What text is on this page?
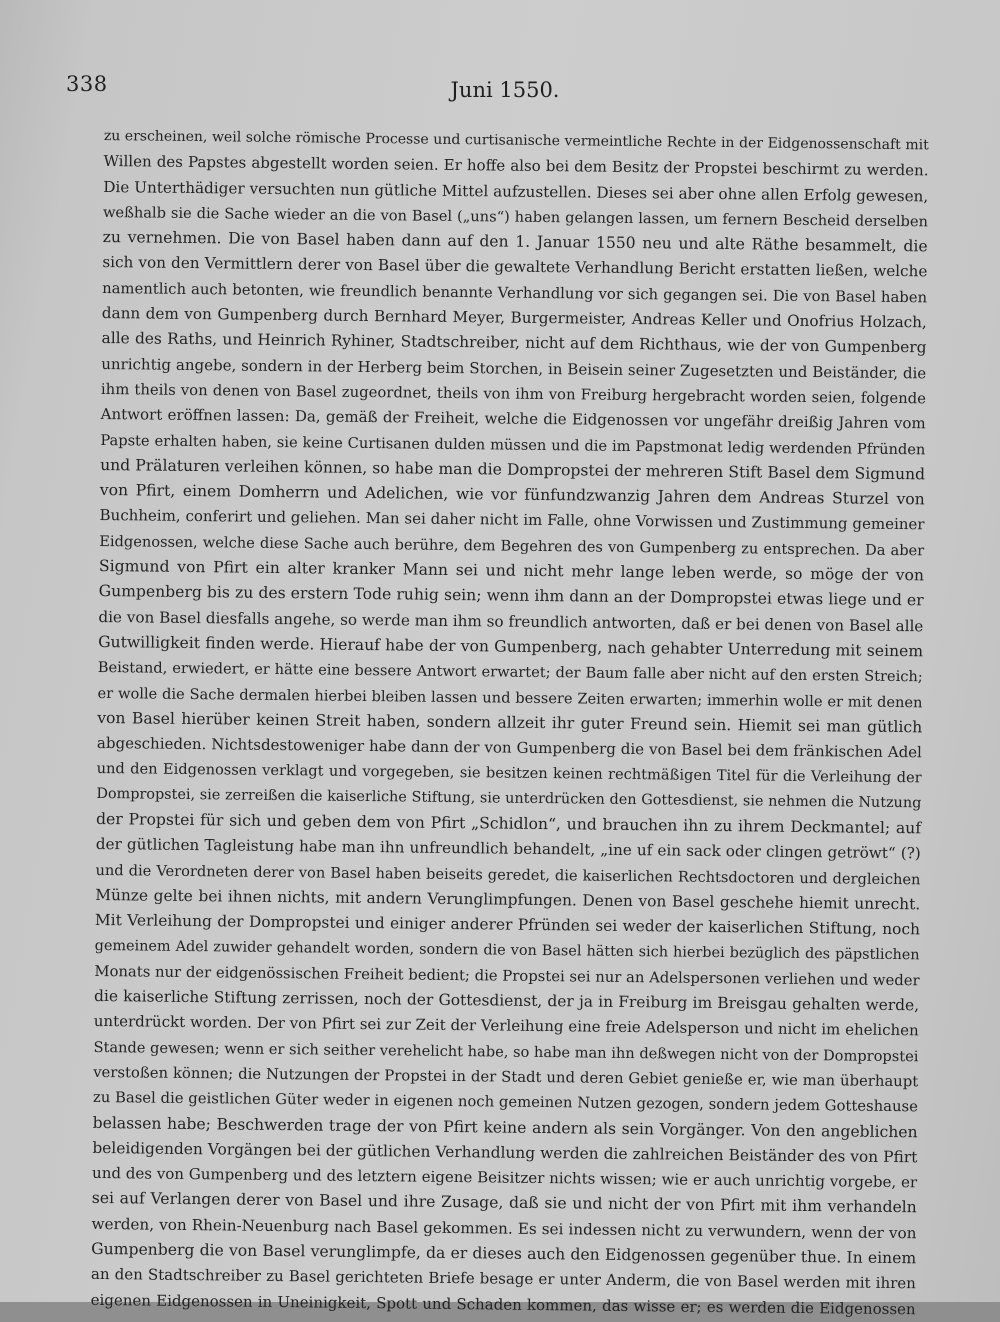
338	Juni 1550.
zu erscheinen, weil solche römische Processe und curtisanische vermeintliche Rechte in der Eidgenossenschaft mit
Willen des Papstes abgestellt worden seien. Er hoffe also bei dem Besitz der Propstei beschirmt zu werden.
Die Unterthädiger versuchten nun gütliche Mittel aufzustellen. Dieses sei aber ohne allen Erfolg gewesen,
weßhalb sie die Sache wieder an die von Basel („uns“) haben gelangen lassen, um fernern Bescheid derselben
zu vernehmen. Die von Basel haben dann auf den 1. Januar 1550 neu und alte Räthe besammelt, die
sich von den Vermittlern derer von Basel über die gewaltete Verhandlung Bericht erstatten ließen, welche
namentlich auch betonten, wie freundlich benannte Verhandlung vor sich gegangen sei. Die von Basel haben
dann dem von Gumpenberg durch Bernhard Meyer, Burgermeister, Andreas Keller und Onofrius Holzach,
alle des Raths, und Heinrich Ryhiner, Stadtschreiber, nicht auf dem Richthaus, wie der von Gumpenberg
unrichtig angebe, sondern in der Herberg beim Storchen, in Beisein seiner Zugesetzten und Beiständer, die
ihm theils von denen von Basel zugeordnet, theils von ihm von Freiburg hergebracht worden seien, folgende
Antwort eröffnen lassen: Da, gemäß der Freiheit, welche die Eidgenossen vor ungefähr dreißig Jahren vom
Papste erhalten haben, sie keine Curtisanen dulden müssen und die im Papstmonat ledig werdenden Pfründen
und Prälaturen verleihen können, so habe man die Dompropstei der mehreren Stift Basel dem Sigmund
von Pfirt, einem Domherrn und Adelichen, wie vor fünfundzwanzig Jahren dem Andreas Sturzel von
Buchheim, conferirt und geliehen. Man sei daher nicht im Falle, ohne Vorwissen und Zustimmung gemeiner
Eidgenossen, welche diese Sache auch berühre, dem Begehren des von Gumpenberg zu entsprechen. Da aber
Sigmund von Pfirt ein alter kranker Mann sei und nicht mehr lange leben werde, so möge der von
Gumpenberg bis zu des erstern Tode ruhig sein; wenn ihm dann an der Dompropstei etwas liege und er
die von Basel diesfalls angehe, so werde man ihm so freundlich antworten, daß er bei denen von Basel alle
Gutwilligkeit finden werde. Hierauf habe der von Gumpenberg, nach gehabter Unterredung mit seinem
Beistand, erwiedert, er hätte eine bessere Antwort erwartet; der Baum falle aber nicht auf den ersten Streich;
er wolle die Sache dermalen hierbei bleiben lassen und bessere Zeiten erwarten; immerhin wolle er mit denen
von Basel hierüber keinen Streit haben, sondern allzeit ihr guter Freund sein. Hiemit sei man gütlich
abgeschieden. Nichtsdestoweniger habe dann der von Gumpenberg die von Basel bei dem fränkischen Adel
und den Eidgenossen verklagt und vorgegeben, sie besitzen keinen rechtmäßigen Titel für die Verleihung der
Dompropstei, sie zerreißen die kaiserliche Stiftung, sie unterdrücken den Gottesdienst, sie nehmen die Nutzung
der Propstei für sich und geben dem von Pfirt „Schidlon“, und brauchen ihn zu ihrem Deckmantel; auf
der gütlichen Tagleistung habe man ihn unfreundlich behandelt, „ine uf ein sack oder clingen getröwt“ (?)
und die Verordneten derer von Basel haben beiseits geredet, die kaiserlichen Rechtsdoctoren und dergleichen
Münze gelte bei ihnen nichts, mit andern Verunglimpfungen. Denen von Basel geschehe hiemit unrecht.
Mit Verleihung der Dompropstei und einiger anderer Pfründen sei weder der kaiserlichen Stiftung, noch
gemeinem Adel zuwider gehandelt worden, sondern die von Basel hätten sich hierbei bezüglich des päpstlichen
Monats nur der eidgenössischen Freiheit bedient; die Propstei sei nur an Adelspersonen verliehen und weder
die kaiserliche Stiftung zerrissen, noch der Gottesdienst, der ja in Freiburg im Breisgau gehalten werde,
unterdrückt worden. Der von Pfirt sei zur Zeit der Verleihung eine freie Adelsperson und nicht im ehelichen
Stande gewesen; wenn er sich seither verehelicht habe, so habe man ihn deßwegen nicht von der Dompropstei
verstoßen können; die Nutzungen der Propstei in der Stadt und deren Gebiet genieße er, wie man überhaupt
zu Basel die geistlichen Güter weder in eigenen noch gemeinen Nutzen gezogen, sondern jedem Gotteshause
belassen habe; Beschwerden trage der von Pfirt keine andern als sein Vorgänger. Von den angeblichen
beleidigenden Vorgängen bei der gütlichen Verhandlung werden die zahlreichen Beiständer des von Pfirt
und des von Gumpenberg und des letztern eigene Beisitzer nichts wissen; wie er auch unrichtig vorgebe, er
sei auf Verlangen derer von Basel und ihre Zusage, daß sie und nicht der von Pfirt mit ihm verhandeln
werden, von Rhein-Neuenburg nach Basel gekommen. Es sei indessen nicht zu verwundern, wenn der von
Gumpenberg die von Basel verunglimpfe, da er dieses auch den Eidgenossen gegenüber thue. In einem
an den Stadtschreiber zu Basel gerichteten Briefe besage er unter Anderm, die von Basel werden mit ihren
eigenen Eidgenossen in Uneinigkeit, Spott und Schaden kommen, das wisse er; es werden die Eidgenossen
